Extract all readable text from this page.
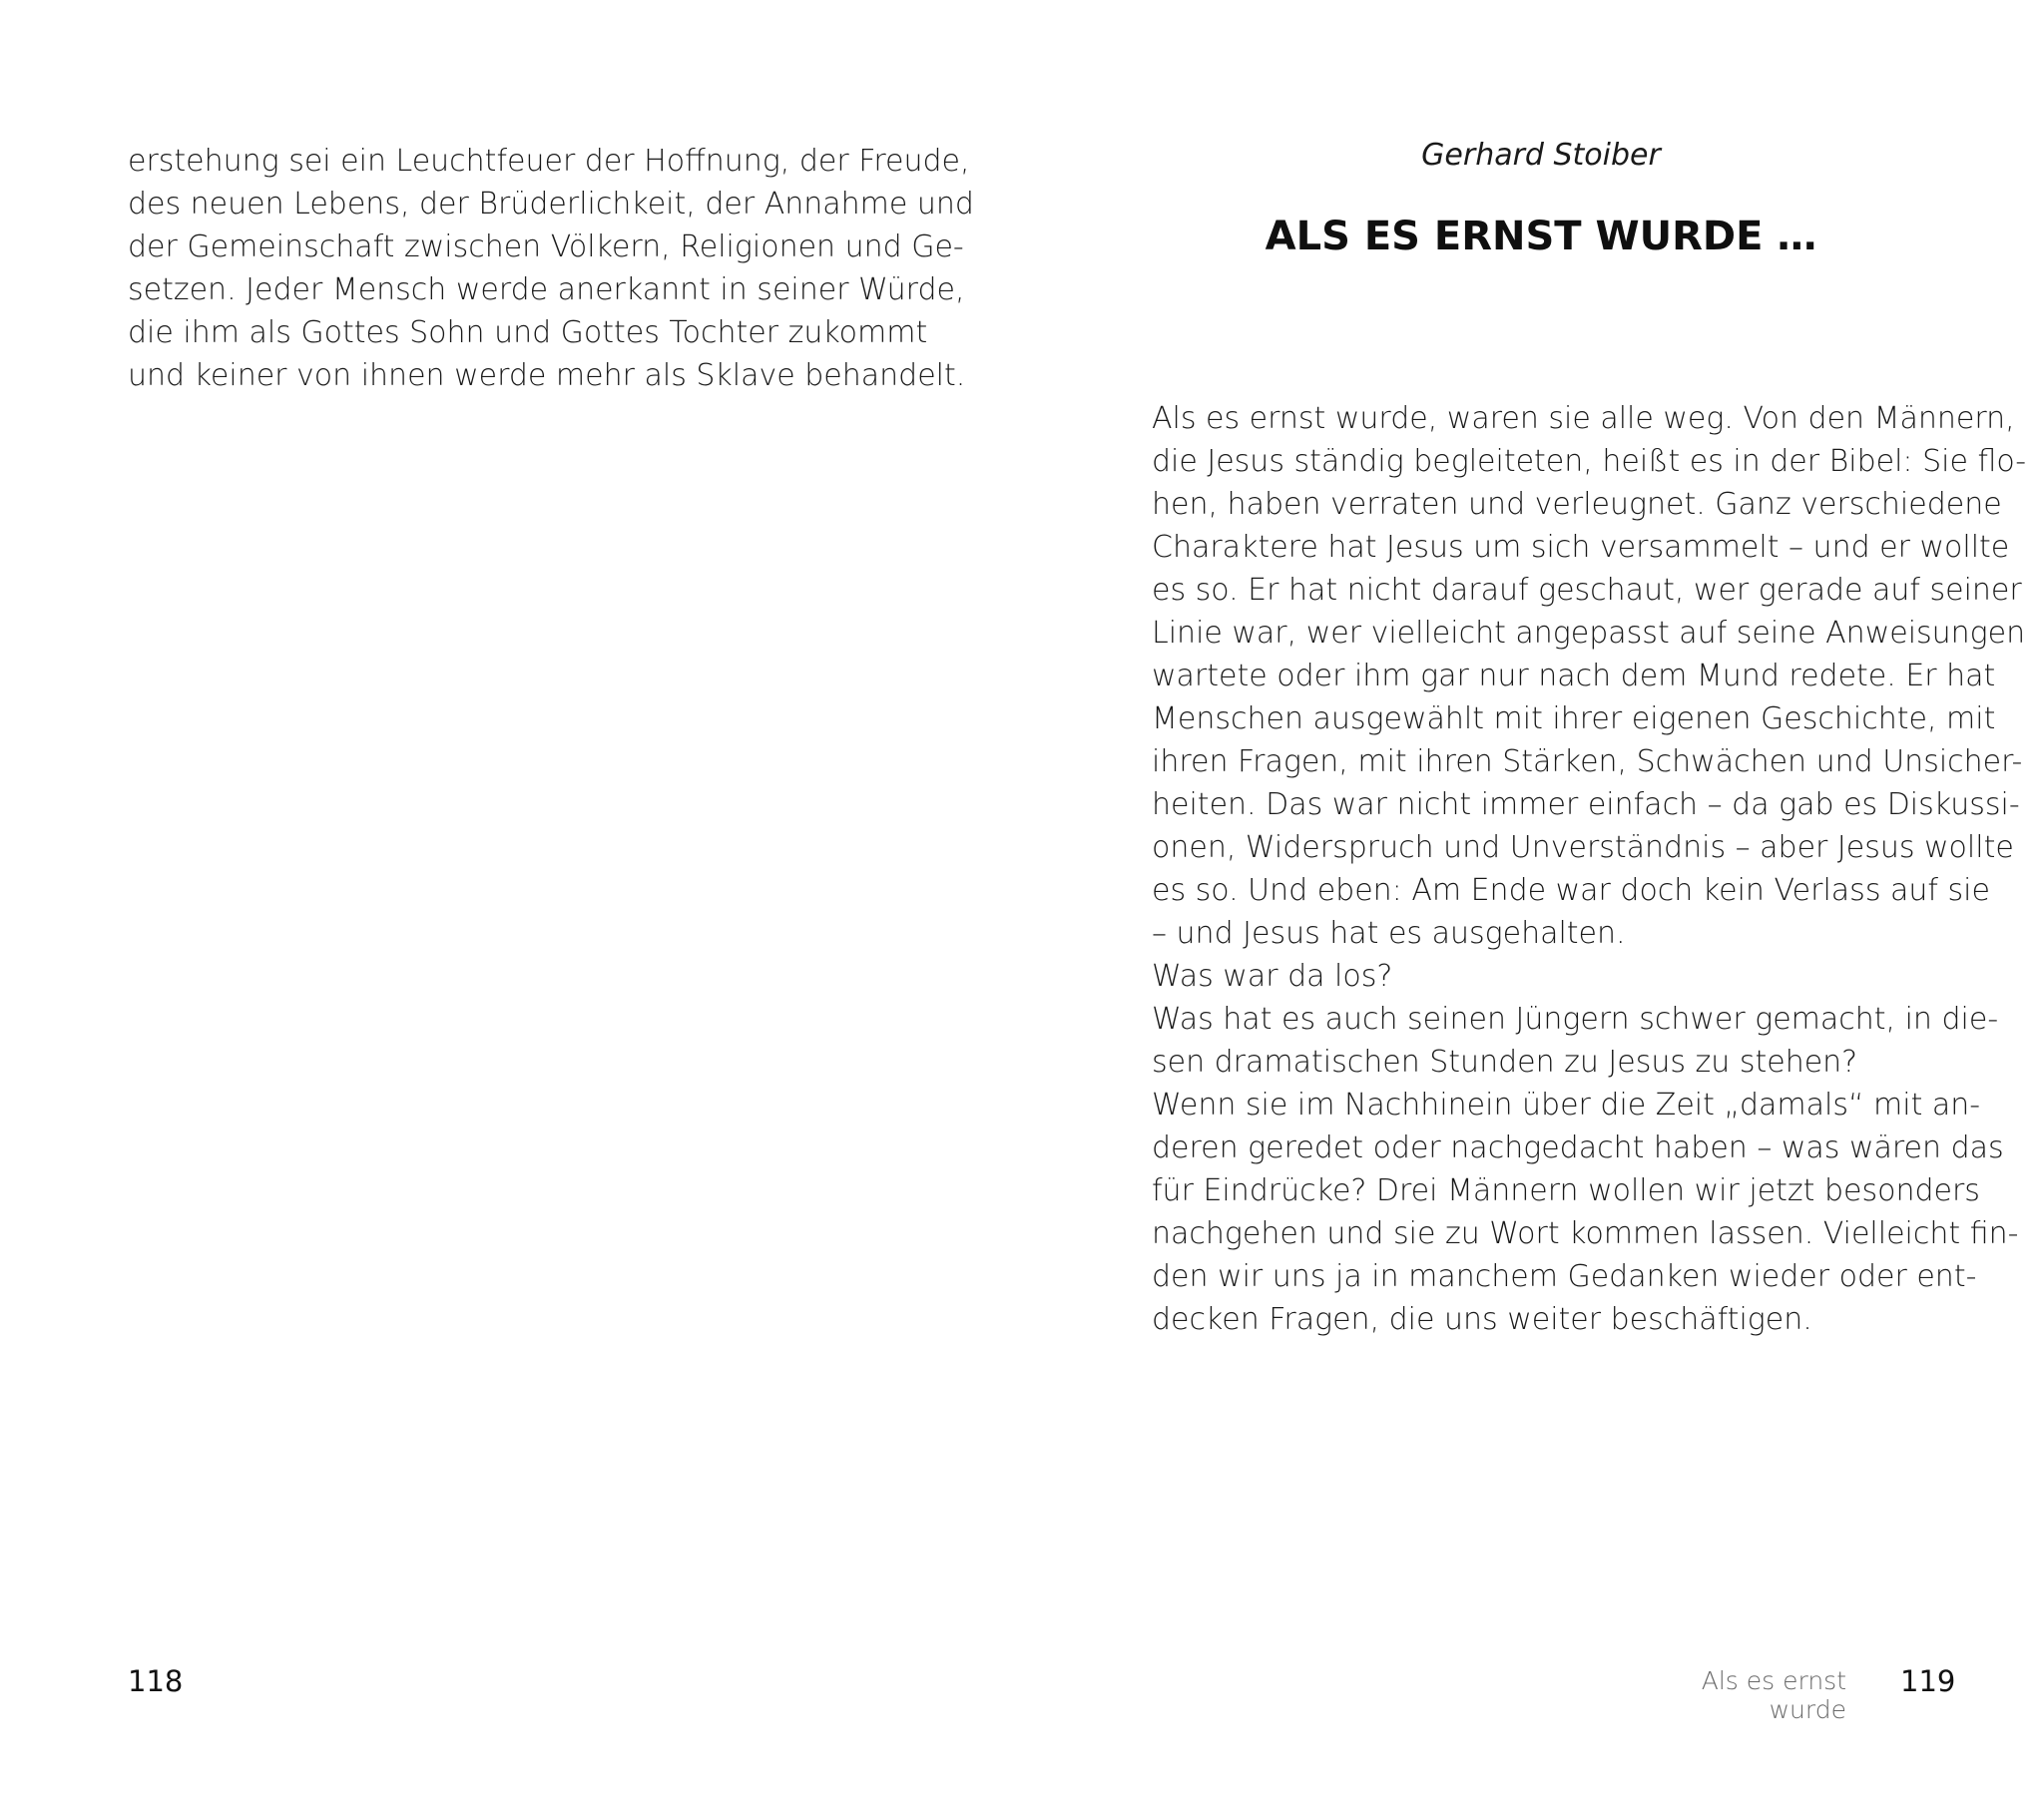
erstehung sei ein Leuchtfeuer der Hoffnung, der Freude,
des neuen Lebens, der Brüderlichkeit, der Annahme und
der Gemeinschaft zwischen Völkern, Religionen und Ge-
setzen. Jeder Mensch werde anerkannt in seiner Würde,
die ihm als Gottes Sohn und Gottes Tochter zukommt
und keiner von ihnen werde mehr als Sklave behandelt.
118
Gerhard Stoiber
ALS ES ERNST WURDE …
Als es ernst wurde, waren sie alle weg. Von den Männern,
die Jesus ständig begleiteten, heißt es in der Bibel: Sie flo-
hen, haben verraten und verleugnet. Ganz verschiedene
Charaktere hat Jesus um sich versammelt – und er wollte
es so. Er hat nicht darauf geschaut, wer gerade auf seiner
Linie war, wer vielleicht angepasst auf seine Anweisungen
wartete oder ihm gar nur nach dem Mund redete. Er hat
Menschen ausgewählt mit ihrer eigenen Geschichte, mit
ihren Fragen, mit ihren Stärken, Schwächen und Unsicher-
heiten. Das war nicht immer einfach – da gab es Diskussi-
onen, Widerspruch und Unverständnis – aber Jesus wollte
es so. Und eben: Am Ende war doch kein Verlass auf sie
– und Jesus hat es ausgehalten.
Was war da los?
Was hat es auch seinen Jüngern schwer gemacht, in die-
sen dramatischen Stunden zu Jesus zu stehen?
Wenn sie im Nachhinein über die Zeit „damals“ mit an-
deren geredet oder nachgedacht haben – was wären das
für Eindrücke? Drei Männern wollen wir jetzt besonders
nachgehen und sie zu Wort kommen lassen. Vielleicht fin-
den wir uns ja in manchem Gedanken wieder oder ent-
decken Fragen, die uns weiter beschäftigen.
Als es ernst wurde
119
